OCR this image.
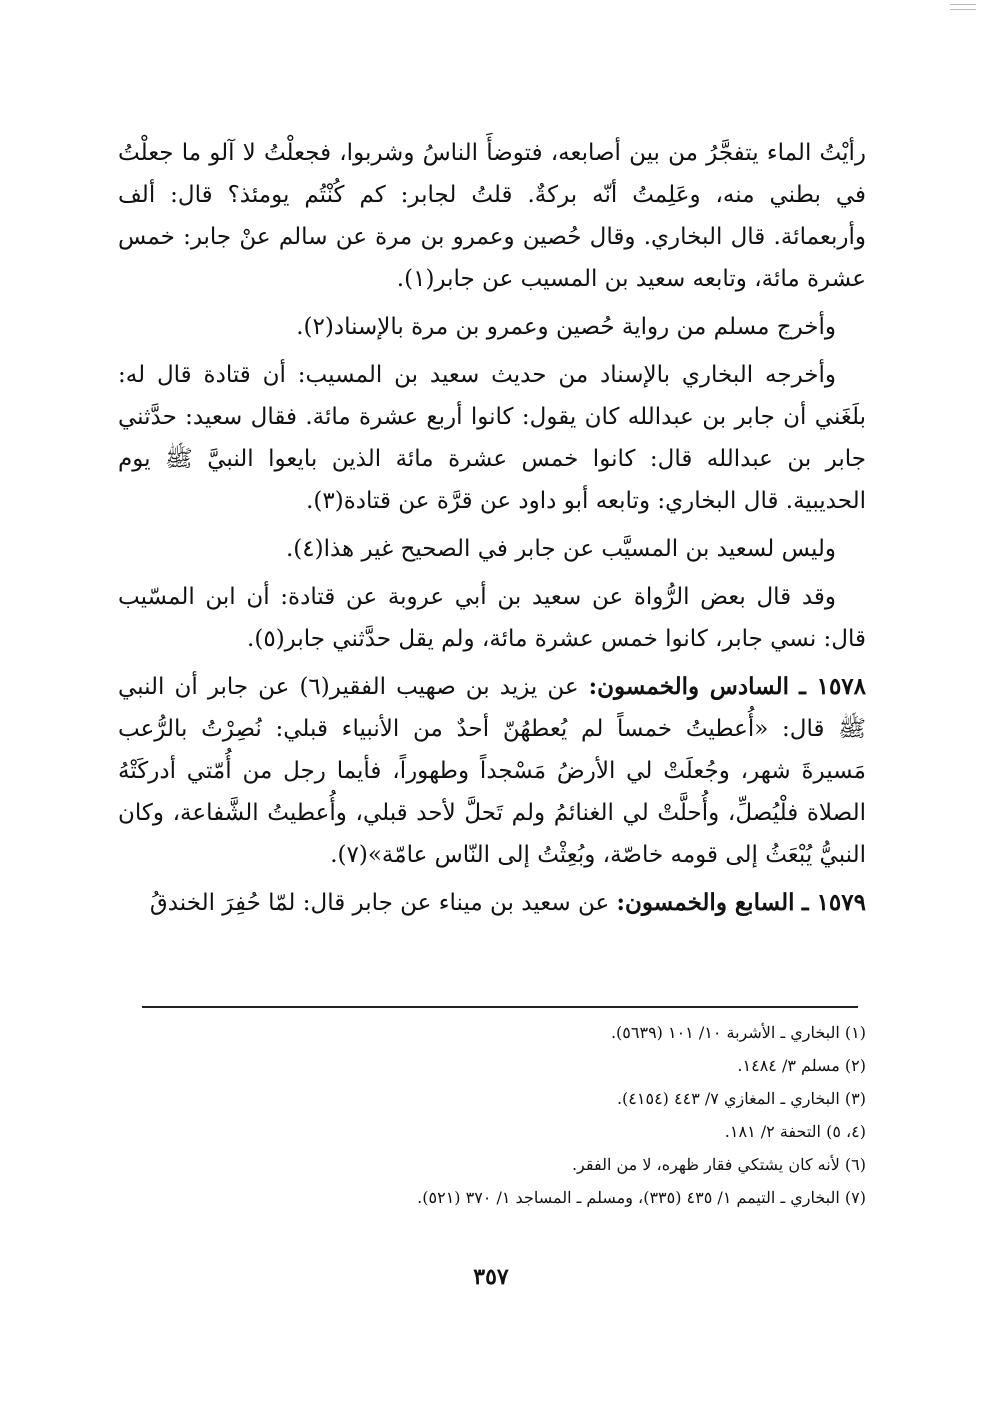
رأيْتُ الماء يتفجَّرُ من بين أصابعه، فتوضأَ الناسُ وشربوا، فجعلْتُ لا آلو ما جعلْتُ في بطني منه، وعَلِمتُ أنّه بركةٌ. قلتُ لجابر: كم كُنْتُم يومئذ؟ قال: ألف وأربعمائة. قال البخاري. وقال حُصين وعمرو بن مرة عن سالم عنْ جابر: خمس عشرة مائة، وتابعه سعيد بن المسيب عن جابر(١).

وأخرج مسلم من رواية حُصين وعمرو بن مرة بالإسناد(٢).

وأخرجه البخاري بالإسناد من حديث سعيد بن المسيب: أن قتادة قال له: بلَغَني أن جابر بن عبدالله كان يقول: كانوا أربع عشرة مائة. فقال سعيد: حدَّثني جابر بن عبدالله قال: كانوا خمس عشرة مائة الذين بايعوا النبيَّ ﷺ يوم الحديبية. قال البخاري: وتابعه أبو داود عن قرَّة عن قتادة(٣).

وليس لسعيد بن المسيَّب عن جابر في الصحيح غير هذا(٤).

وقد قال بعض الرُّواة عن سعيد بن أبي عروبة عن قتادة: أن ابن المسّيب قال: نسي جابر، كانوا خمس عشرة مائة، ولم يقل حدَّثني جابر(٥).

١٥٧٨ ـ السادس والخمسون: عن يزيد بن صهيب الفقير(٦) عن جابر أن النبي ﷺ قال: «أُعطيتُ خمساً لم يُعطهُنّ أحدٌ من الأنبياء قبلي: نُصِرْتُ بالرُّعب مَسيرةَ شهر، وجُعلَتْ لي الأرضُ مَسْجداً وطهوراً، فأيما رجل من أُمّتي أدركَتْهُ الصلاة فلْيُصلِّ، وأُحلَّتْ لي الغنائمُ ولم تَحلَّ لأحد قبلي، وأُعطيتُ الشَّفاعة، وكان النبيُّ يُبْعَثُ إلى قومه خاصّة، وبُعِثْتُ إلى النّاس عامّة»(٧).

١٥٧٩ ـ السابع والخمسون: عن سعيد بن ميناء عن جابر قال: لمّا حُفِرَ الخندقُ

(١) البخاري ـ الأشربة ١٠/ ١٠١ (٥٦٣٩).

(٢) مسلم ٣/ ١٤٨٤.

(٣) البخاري ـ المغازي ٧/ ٤٤٣ (٤١٥٤).

(٤، ٥) التحفة ٢/ ١٨١.

(٦) لأنه كان يشتكي فقار ظهره، لا من الفقر.

(٧) البخاري ـ التيمم ١/ ٤٣٥ (٣٣٥)، ومسلم ـ المساجد ١/ ٣٧٠ (٥٢١).

٣٥٧
